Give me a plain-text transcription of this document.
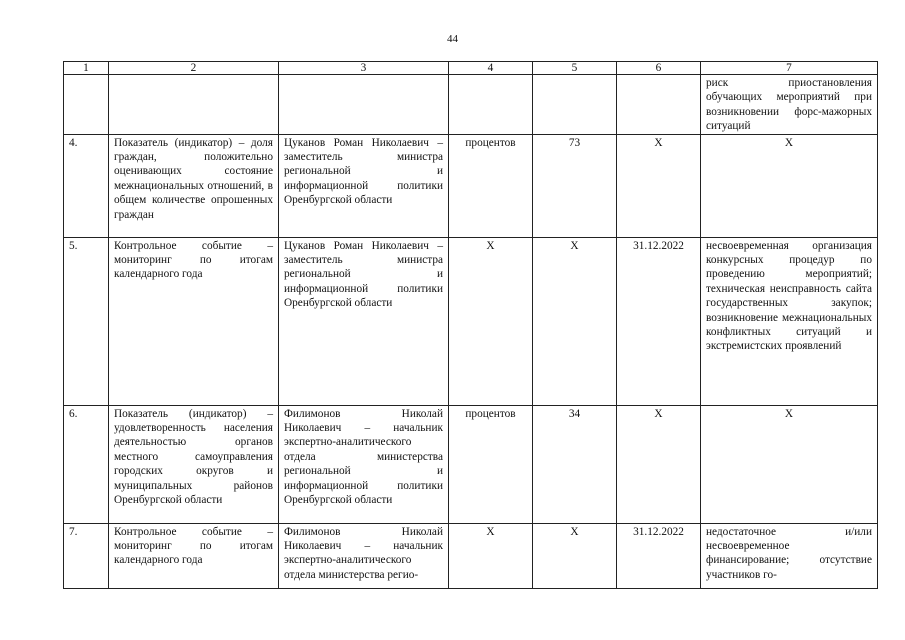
44
1	2	3	4	5	6	7
						риск приостановления обучающих мероприятий при возникновении форс-мажорных ситуаций
4.	Показатель (индикатор) – доля граждан, положительно оценивающих состояние межнациональных отношений, в общем количестве опрошенных граждан	Цуканов Роман Николаевич – заместитель министра региональной и информационной политики Оренбургской области	процентов	73	Х	Х
5.	Контрольное событие – мониторинг по итогам календарного года	Цуканов Роман Николаевич – заместитель министра региональной и информационной политики Оренбургской области	Х	Х	31.12.2022	несвоевременная организация конкурсных процедур по проведению мероприятий; техническая неисправность сайта государственных закупок; возникновение межнациональных конфликтных ситуаций и экстремистских проявлений
6.	Показатель (индикатор) – удовлетворенность населения деятельностью органов местного самоуправления городских округов и муниципальных районов Оренбургской области	Филимонов Николай Николаевич – начальник экспертно-аналитического отдела министерства региональной и информационной политики Оренбургской области	процентов	34	Х	Х
7.	Контрольное событие – мониторинг по итогам календарного года	Филимонов Николай Николаевич – начальник экспертно-аналитического отдела министерства регио-	Х	Х	31.12.2022	недостаточное и/или несвоевременное финансирование; отсутствие участников го-
